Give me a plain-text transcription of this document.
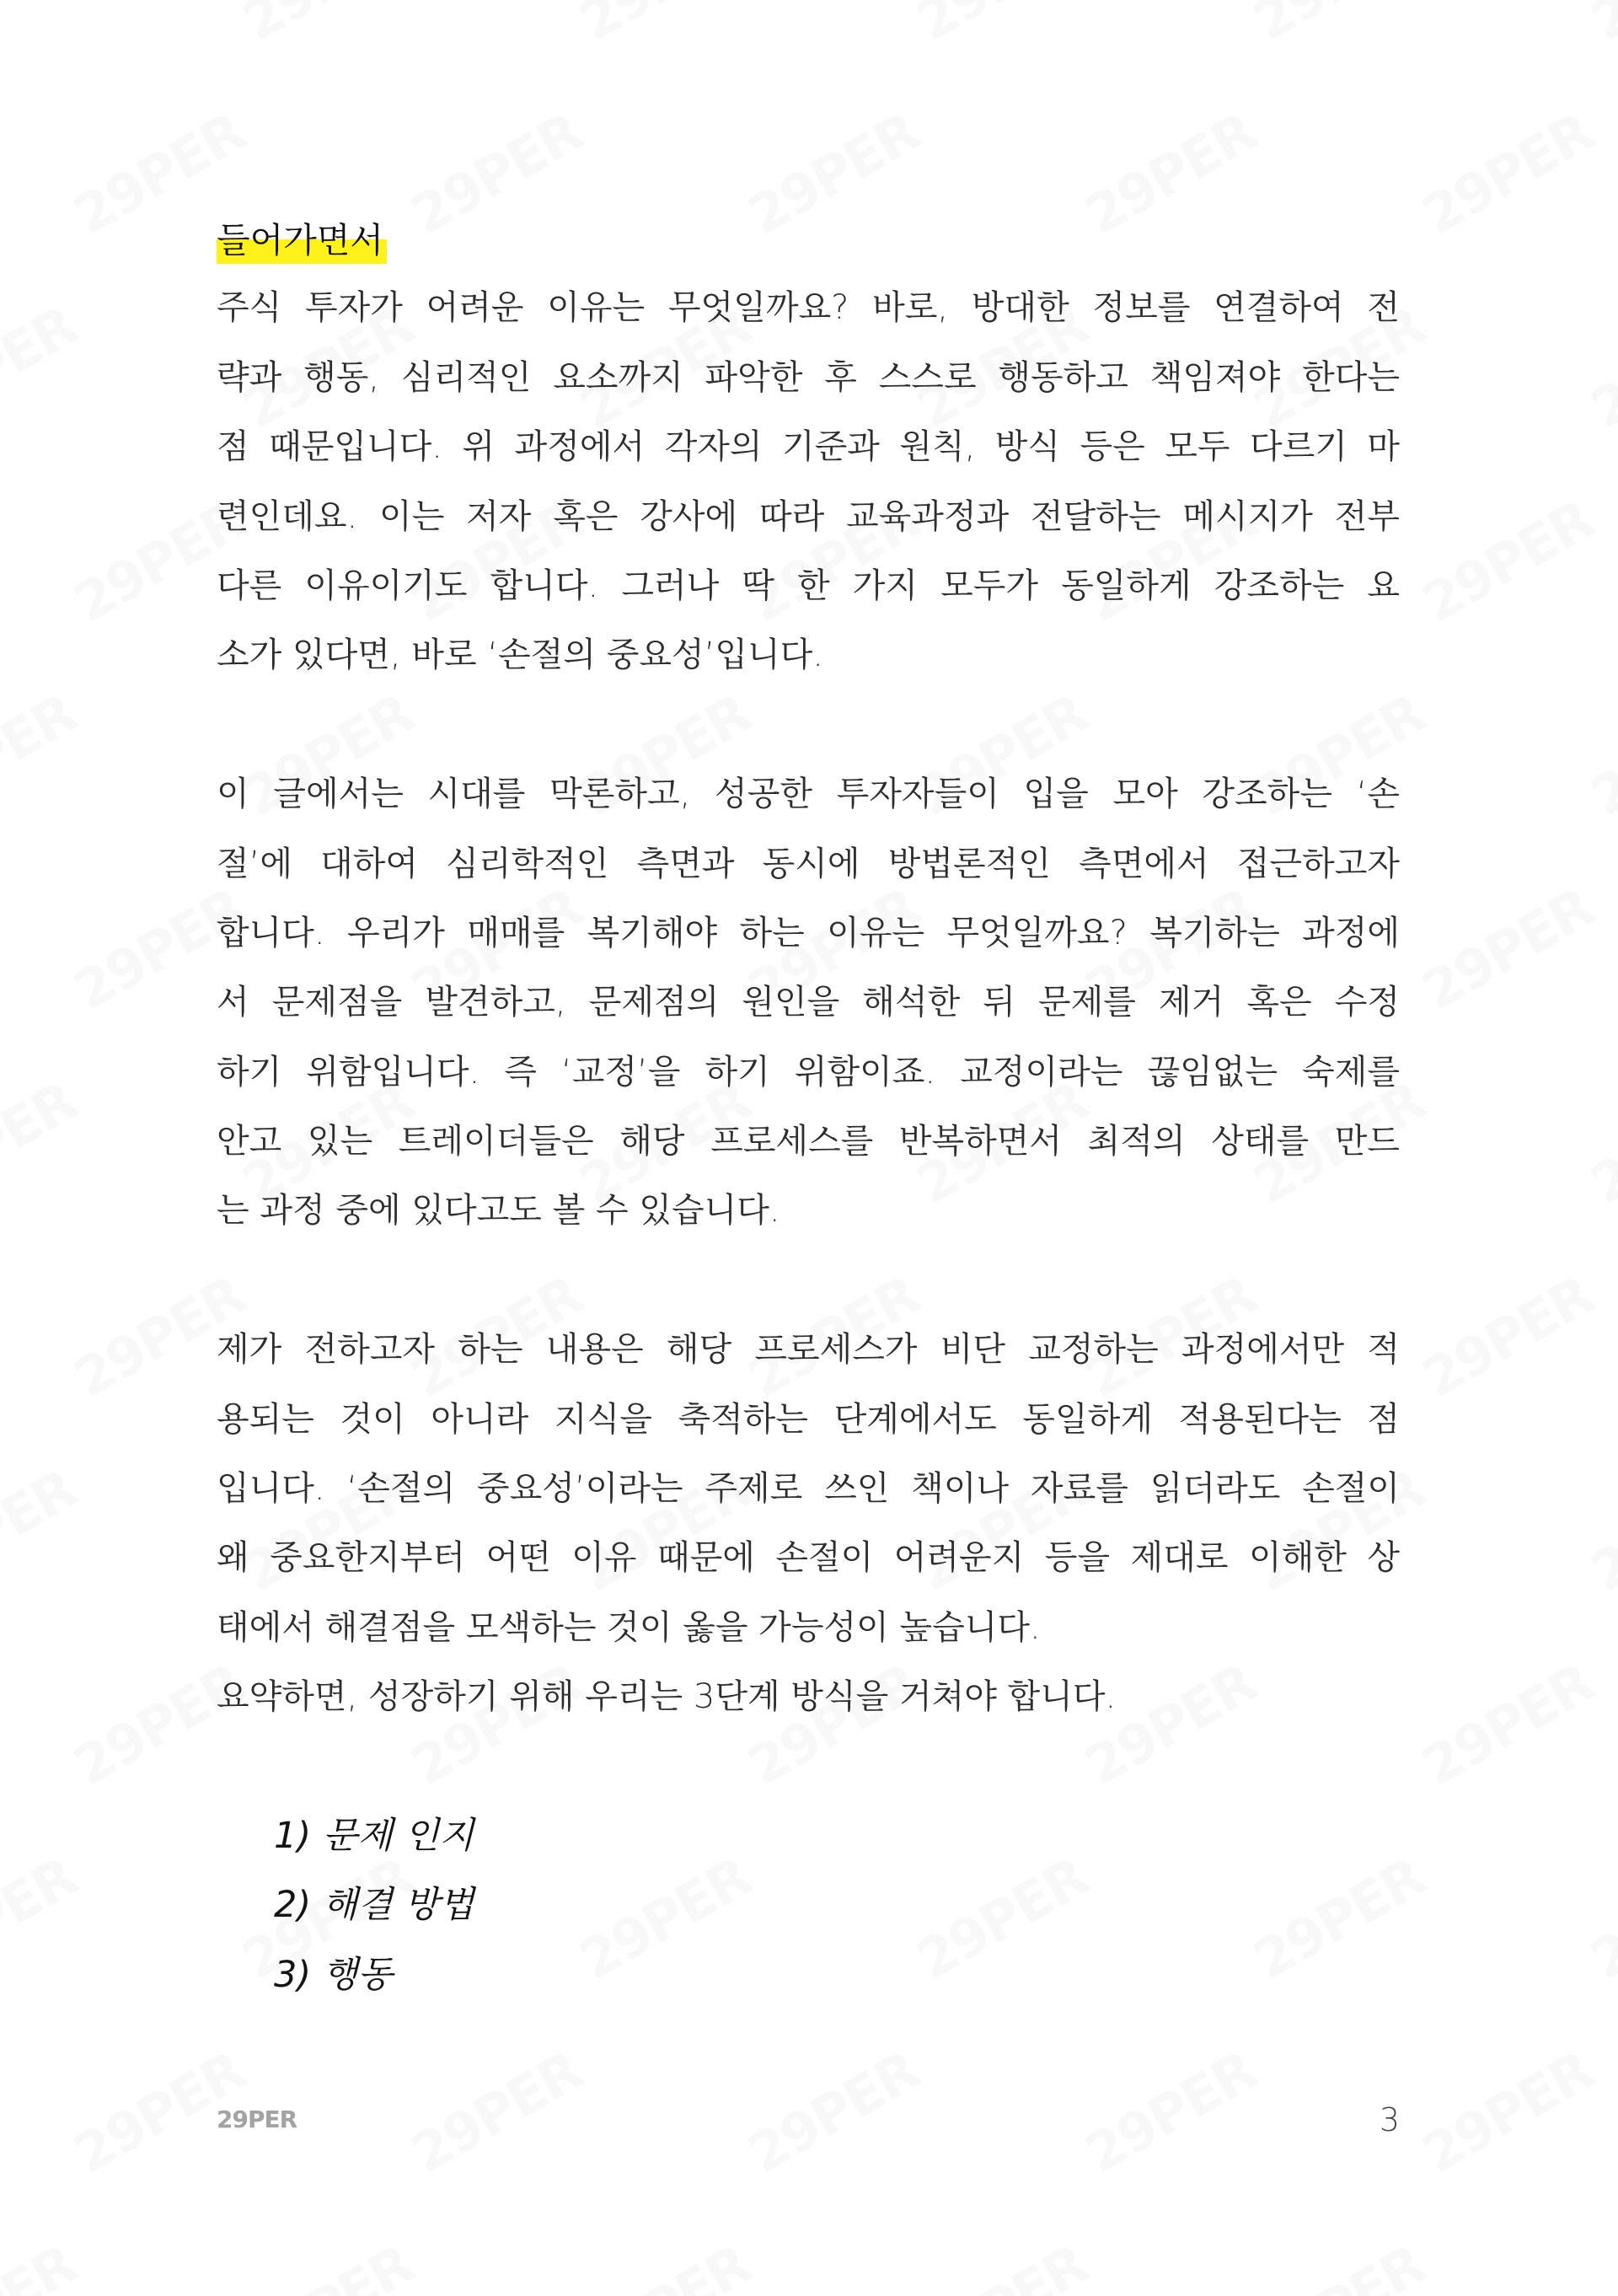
들어가면서
주식 투자가 어려운 이유는 무엇일까요? 바로, 방대한 정보를 연결하여 전
략과 행동, 심리적인 요소까지 파악한 후 스스로 행동하고 책임져야 한다는
점 때문입니다. 위 과정에서 각자의 기준과 원칙, 방식 등은 모두 다르기 마
련인데요. 이는 저자 혹은 강사에 따라 교육과정과 전달하는 메시지가 전부
다른 이유이기도 합니다. 그러나 딱 한 가지 모두가 동일하게 강조하는 요
소가 있다면, 바로 ‘손절의 중요성’입니다.
이 글에서는 시대를 막론하고, 성공한 투자자들이 입을 모아 강조하는 ‘손
절’에 대하여 심리학적인 측면과 동시에 방법론적인 측면에서 접근하고자
합니다. 우리가 매매를 복기해야 하는 이유는 무엇일까요? 복기하는 과정에
서 문제점을 발견하고, 문제점의 원인을 해석한 뒤 문제를 제거 혹은 수정
하기 위함입니다. 즉 ‘교정’을 하기 위함이죠. 교정이라는 끊임없는 숙제를
안고 있는 트레이더들은 해당 프로세스를 반복하면서 최적의 상태를 만드
는 과정 중에 있다고도 볼 수 있습니다.
제가 전하고자 하는 내용은 해당 프로세스가 비단 교정하는 과정에서만 적
용되는 것이 아니라 지식을 축적하는 단계에서도 동일하게 적용된다는 점
입니다. ‘손절의 중요성’이라는 주제로 쓰인 책이나 자료를 읽더라도 손절이
왜 중요한지부터 어떤 이유 때문에 손절이 어려운지 등을 제대로 이해한 상
태에서 해결점을 모색하는 것이 옳을 가능성이 높습니다.
요약하면, 성장하기 위해 우리는 3단계 방식을 거쳐야 합니다.
1) 문제 인지
2) 해결 방법
3) 행동
29PER	3
